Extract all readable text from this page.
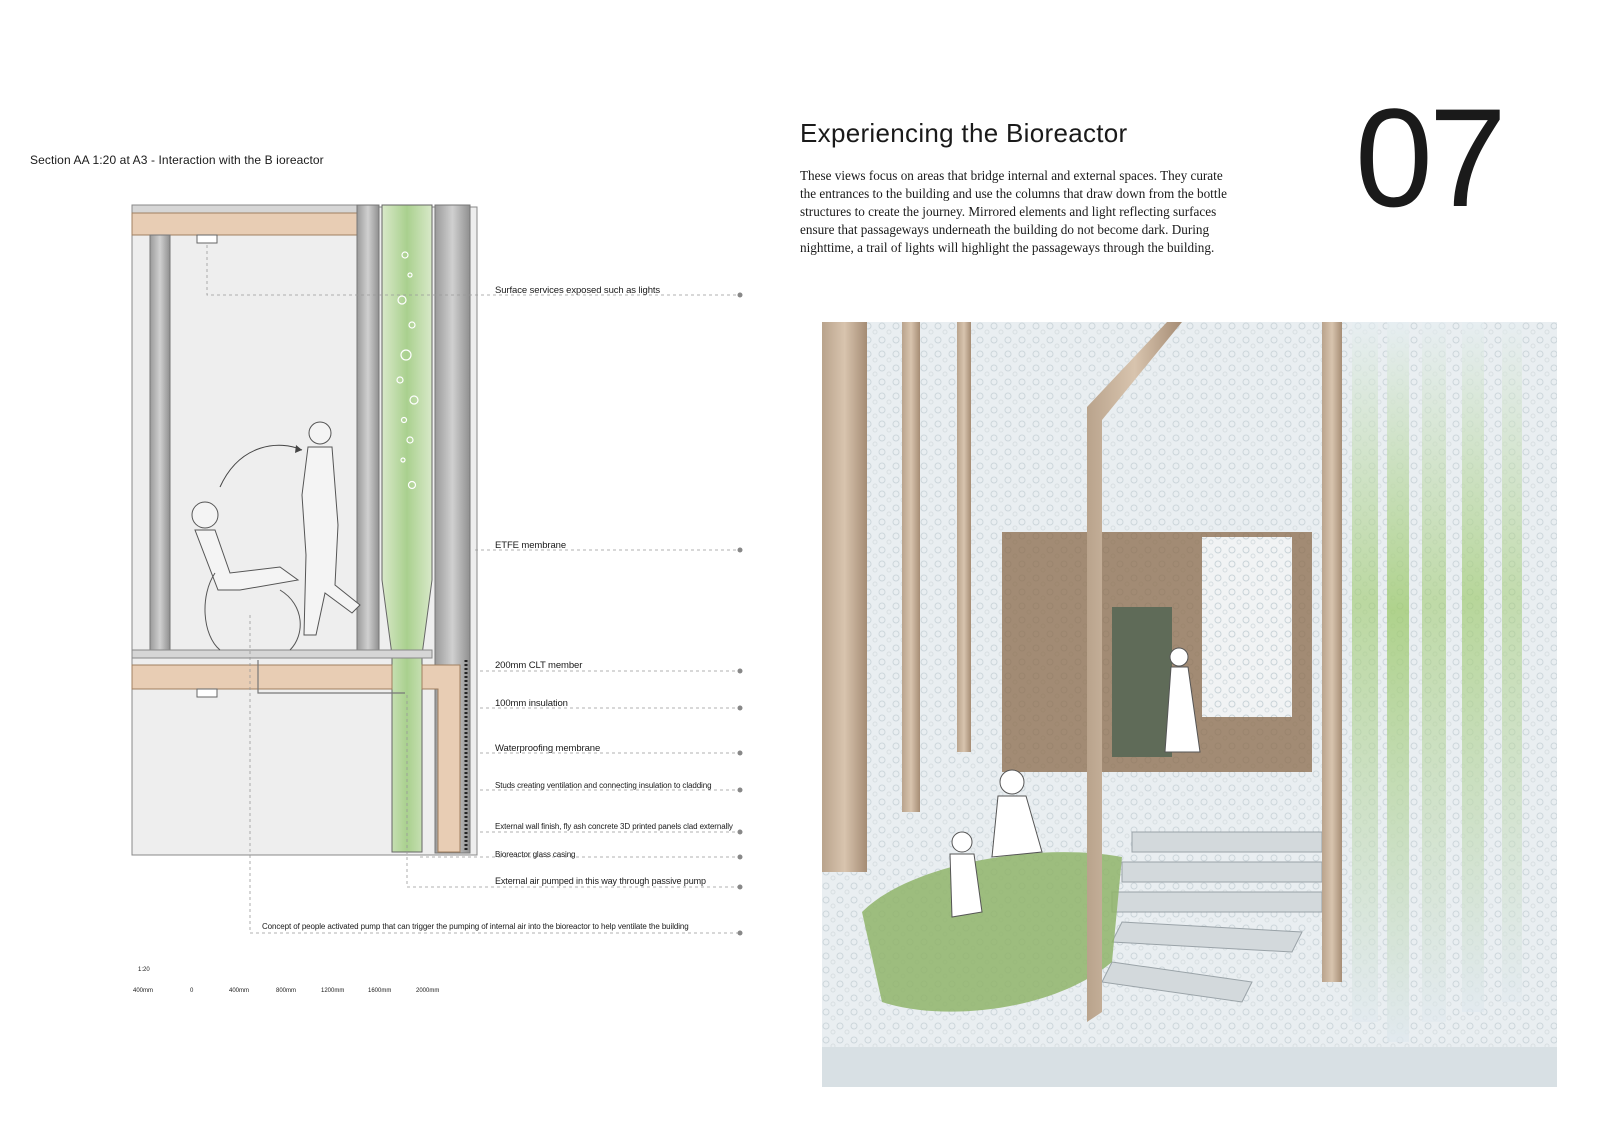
Section AA 1:20 at A3 - Interaction with the B ioreactor
Surface services exposed such as lights
ETFE membrane
200mm CLT member
100mm insulation
Waterproofing membrane
Studs creating ventilation and connecting insulation to cladding
External wall finish, fly ash concrete 3D printed panels clad externally
Bioreactor glass casing
External air pumped in this way through passive pump
Concept of people activated pump that can trigger the pumping of internal air into the bioreactor to help ventilate the building
1:20
400mm	0	400mm	800mm	1200mm	1600mm	2000mm
Experiencing the Bioreactor 07

These views focus on areas that bridge internal and external spaces. They curate

the entrances to the building and use the columns that draw down from the bottle

structures to create the journey. Mirrored elements and light reflecting surfaces

ensure that passageways underneath the building do not become dark. During

nighttime, a trail of lights will highlight the passageways through the building.
